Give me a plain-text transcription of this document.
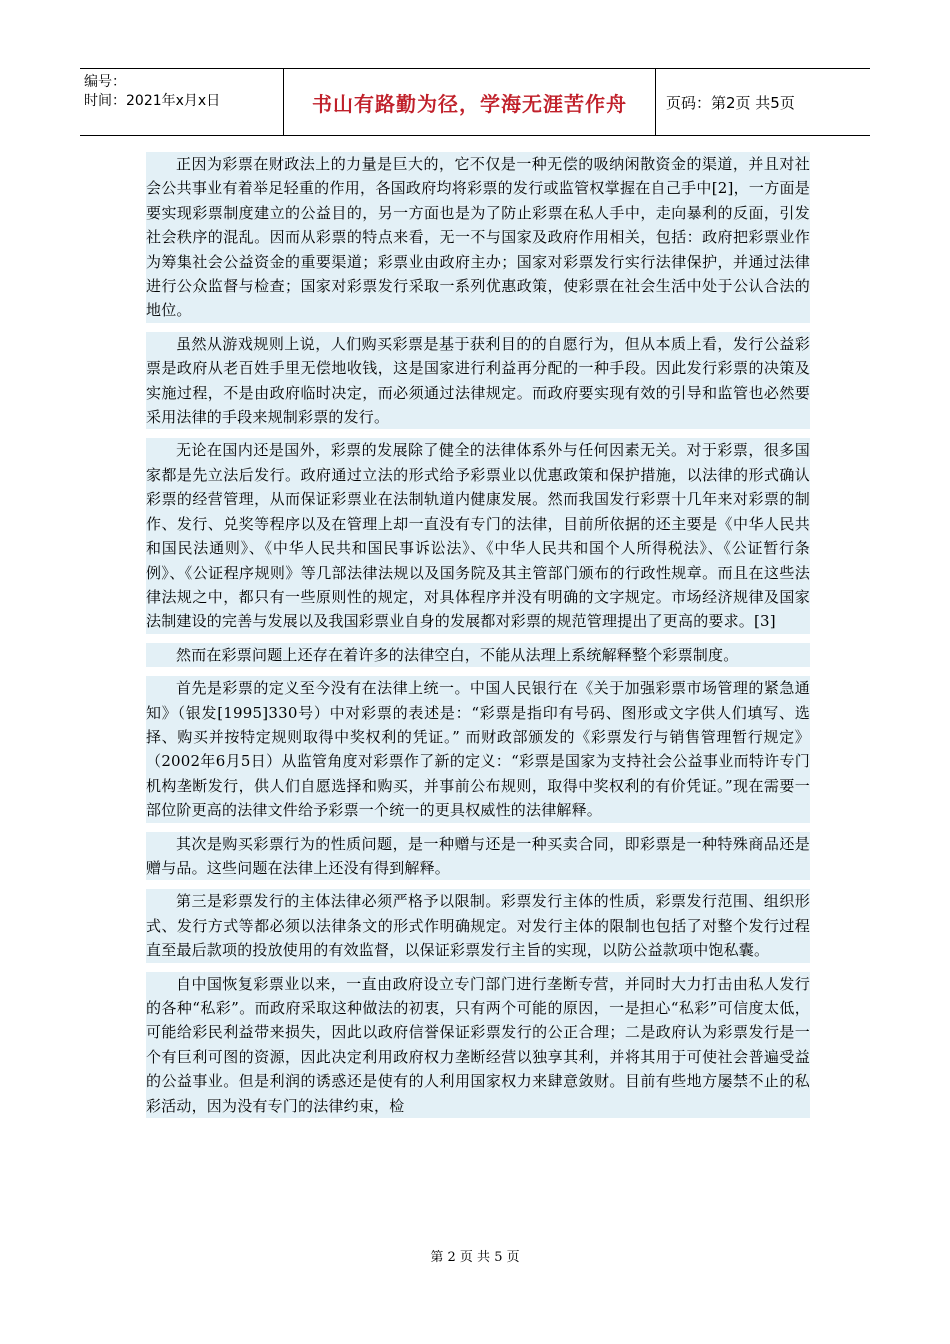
编号：
时间：2021年x月x日	书山有路勤为径，学海无涯苦作舟	页码：第2页 共5页

正因为彩票在财政法上的力量是巨大的，它不仅是一种无偿的吸纳闲散资金的渠道，并且对社会公共事业有着举足轻重的作用，各国政府均将彩票的发行或监管权掌握在自己手中[2]，一方面是要实现彩票制度建立的公益目的，另一方面也是为了防止彩票在私人手中，走向暴利的反面，引发社会秩序的混乱。因而从彩票的特点来看，无一不与国家及政府作用相关，包括：政府把彩票业作为筹集社会公益资金的重要渠道；彩票业由政府主办；国家对彩票发行实行法律保护，并通过法律进行公众监督与检查；国家对彩票发行采取一系列优惠政策，使彩票在社会生活中处于公认合法的地位。

虽然从游戏规则上说，人们购买彩票是基于获利目的的自愿行为，但从本质上看，发行公益彩票是政府从老百姓手里无偿地收钱，这是国家进行利益再分配的一种手段。因此发行彩票的决策及实施过程，不是由政府临时决定，而必须通过法律规定。而政府要实现有效的引导和监管也必然要采用法律的手段来规制彩票的发行。

无论在国内还是国外，彩票的发展除了健全的法律体系外与任何因素无关。对于彩票，很多国家都是先立法后发行。政府通过立法的形式给予彩票业以优惠政策和保护措施，以法律的形式确认彩票的经营管理，从而保证彩票业在法制轨道内健康发展。然而我国发行彩票十几年来对彩票的制作、发行、兑奖等程序以及在管理上却一直没有专门的法律，目前所依据的还主要是《中华人民共和国民法通则》、《中华人民共和国民事诉讼法》、《中华人民共和国个人所得税法》、《公证暂行条例》、《公证程序规则》等几部法律法规以及国务院及其主管部门颁布的行政性规章。而且在这些法律法规之中，都只有一些原则性的规定，对具体程序并没有明确的文字规定。市场经济规律及国家法制建设的完善与发展以及我国彩票业自身的发展都对彩票的规范管理提出了更高的要求。[3]

然而在彩票问题上还存在着许多的法律空白，不能从法理上系统解释整个彩票制度。

首先是彩票的定义至今没有在法律上统一。中国人民银行在《关于加强彩票市场管理的紧急通知》（银发[1995]330号）中对彩票的表述是：“彩票是指印有号码、图形或文字供人们填写、选择、购买并按特定规则取得中奖权利的凭证。” 而财政部颁发的《彩票发行与销售管理暂行规定》（2002年6月5日）从监管角度对彩票作了新的定义：“彩票是国家为支持社会公益事业而特许专门机构垄断发行，供人们自愿选择和购买，并事前公布规则，取得中奖权利的有价凭证。”现在需要一部位阶更高的法律文件给予彩票一个统一的更具权威性的法律解释。

其次是购买彩票行为的性质问题，是一种赠与还是一种买卖合同，即彩票是一种特殊商品还是赠与品。这些问题在法律上还没有得到解释。

第三是彩票发行的主体法律必须严格予以限制。彩票发行主体的性质，彩票发行范围、组织形式、发行方式等都必须以法律条文的形式作明确规定。对发行主体的限制也包括了对整个发行过程直至最后款项的投放使用的有效监督，以保证彩票发行主旨的实现，以防公益款项中饱私囊。

自中国恢复彩票业以来，一直由政府设立专门部门进行垄断专营，并同时大力打击由私人发行的各种“私彩”。而政府采取这种做法的初衷，只有两个可能的原因，一是担心“私彩”可信度太低，可能给彩民利益带来损失，因此以政府信誉保证彩票发行的公正合理；二是政府认为彩票发行是一个有巨利可图的资源，因此决定利用政府权力垄断经营以独享其利，并将其用于可使社会普遍受益的公益事业。但是利润的诱惑还是使有的人利用国家权力来肆意敛财。目前有些地方屡禁不止的私彩活动，因为没有专门的法律约束，检

第 2 页 共 5 页
